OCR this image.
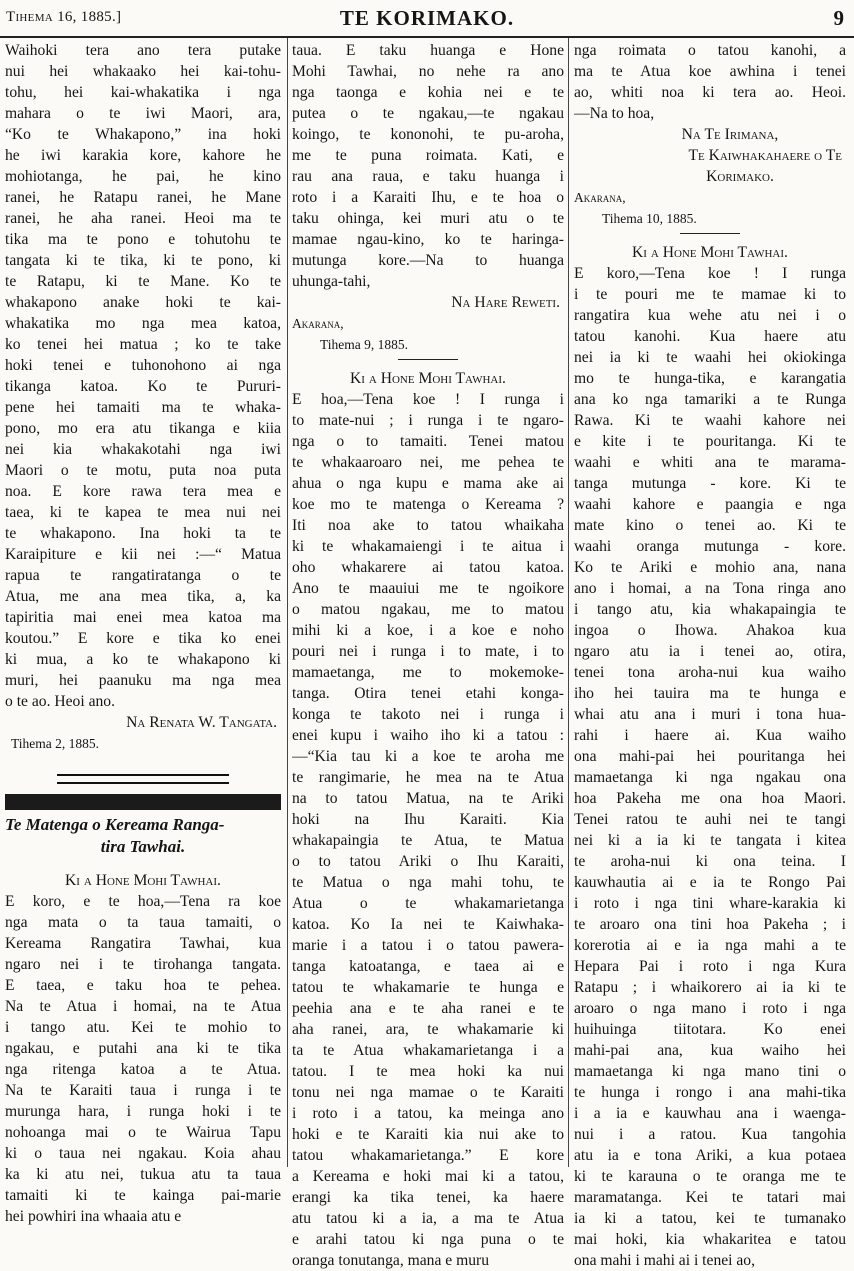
Tihema 16, 1885.]	TE KORIMAKO.	9
Waihoki tera ano tera putake
nui hei whakaako hei kai-tohu-
tohu, hei kai-whakatika i nga
mahara o te iwi Maori, ara,
“Ko te Whakapono,” ina hoki
he iwi karakia kore, kahore he
mohiotanga, he pai, he kino
ranei, he Ratapu ranei, he Mane
ranei, he aha ranei. Heoi ma te
tika ma te pono e tohutohu te
tangata ki te tika, ki te pono, ki
te Ratapu, ki te Mane. Ko te
whakapono anake hoki te kai-
whakatika mo nga mea katoa,
ko tenei hei matua ; ko te take
hoki tenei e tuhonohono ai nga
tikanga katoa. Ko te Pururi-
pene hei tamaiti ma te whaka-
pono, mo era atu tikanga e kiia
nei kia whakakotahi nga iwi
Maori o te motu, puta noa puta
noa. E kore rawa tera mea e
taea, ki te kapea te mea nui nei
te whakapono. Ina hoki ta te
Karaipiture e kii nei :—“ Matua
rapua te rangatiratanga o te
Atua, me ana mea tika, a, ka
tapiritia mai enei mea katoa ma
koutou.” E kore e tika ko enei
ki mua, a ko te whakapono ki
muri, hei paanuku ma nga mea
o te ao. Heoi ano.
Na Renata W. Tangata.
Tihema 2, 1885.
Te Matenga o Kereama Ranga-
tira Tawhai.
Ki a Hone Mohi Tawhai.
E koro, e te hoa,—Tena ra koe
nga mata o ta taua tamaiti, o
Kereama Rangatira Tawhai, kua
ngaro nei i te tirohanga tangata.
E taea, e taku hoa te pehea.
Na te Atua i homai, na te Atua
i tango atu. Kei te mohio to
ngakau, e putahi ana ki te tika
nga ritenga katoa a te Atua.
Na te Karaiti taua i runga i te
murunga hara, i runga hoki i te
nohoanga mai o te Wairua Tapu
ki o taua nei ngakau. Koia ahau
ka ki atu nei, tukua atu ta taua
tamaiti ki te kainga pai-marie
hei powhiri ina whaaia atu e
taua. E taku huanga e Hone
Mohi Tawhai, no nehe ra ano
nga taonga e kohia nei e te
putea o te ngakau,—te ngakau
koingo, te kononohi, te pu-aroha,
me te puna roimata. Kati, e
rau ana raua, e taku huanga i
roto i a Karaiti Ihu, e te hoa o
taku ohinga, kei muri atu o te
mamae ngau-kino, ko te haringa-
mutunga kore.—Na to huanga
uhunga-tahi,
Na Hare Reweti.
Akarana,
Tihema 9, 1885.
Ki a Hone Mohi Tawhai.
E hoa,—Tena koe ! I runga i
to mate-nui ; i runga i te ngaro-
nga o to tamaiti. Tenei matou
te whakaaroaro nei, me pehea te
ahua o nga kupu e mama ake ai
koe mo te matenga o Kereama ?
Iti noa ake to tatou whaikaha
ki te whakamaiengi i te aitua i
oho whakarere ai tatou katoa.
Ano te maauiui me te ngoikore
o matou ngakau, me to matou
mihi ki a koe, i a koe e noho
pouri nei i runga i to mate, i to
mamaetanga, me to mokemoke-
tanga. Otira tenei etahi konga-
konga te takoto nei i runga i
enei kupu i waiho iho ki a tatou :
—“Kia tau ki a koe te aroha me
te rangimarie, he mea na te Atua
na to tatou Matua, na te Ariki
hoki na Ihu Karaiti. Kia
whakapaingia te Atua, te Matua
o to tatou Ariki o Ihu Karaiti,
te Matua o nga mahi tohu, te
Atua o te whakamarietanga
katoa. Ko Ia nei te Kaiwhaka-
marie i a tatou i o tatou pawera-
tanga katoatanga, e taea ai e
tatou te whakamarie te hunga e
peehia ana e te aha ranei e te
aha ranei, ara, te whakamarie ki
ta te Atua whakamarietanga i a
tatou. I te mea hoki ka nui
tonu nei nga mamae o te Karaiti
i roto i a tatou, ka meinga ano
hoki e te Karaiti kia nui ake to
tatou whakamarietanga.” E kore
a Kereama e hoki mai ki a tatou,
erangi ka tika tenei, ka haere
atu tatou ki a ia, a ma te Atua
e arahi tatou ki nga puna o te
oranga tonutanga, mana e muru
nga roimata o tatou kanohi, a
ma te Atua koe awhina i tenei
ao, whiti noa ki tera ao. Heoi.
—Na to hoa,
Na Te Irimana,
Te Kaiwhakahaere o Te
Korimako.
Akarana,
Tihema 10, 1885.
Ki a Hone Mohi Tawhai.
E koro,—Tena koe ! I runga
i te pouri me te mamae ki to
rangatira kua wehe atu nei i o
tatou kanohi. Kua haere atu
nei ia ki te waahi hei okiokinga
mo te hunga-tika, e karangatia
ana ko nga tamariki a te Runga
Rawa. Ki te waahi kahore nei
e kite i te pouritanga. Ki te
waahi e whiti ana te marama-
tanga mutunga - kore. Ki te
waahi kahore e paangia e nga
mate kino o tenei ao. Ki te
waahi oranga mutunga - kore.
Ko te Ariki e mohio ana, nana
ano i homai, a na Tona ringa ano
i tango atu, kia whakapaingia te
ingoa o Ihowa. Ahakoa kua
ngaro atu ia i tenei ao, otira,
tenei tona aroha-nui kua waiho
iho hei tauira ma te hunga e
whai atu ana i muri i tona hua-
rahi i haere ai. Kua waiho
ona mahi-pai hei pouritanga hei
mamaetanga ki nga ngakau ona
hoa Pakeha me ona hoa Maori.
Tenei ratou te auhi nei te tangi
nei ki a ia ki te tangata i kitea
te aroha-nui ki ona teina. I
kauwhautia ai e ia te Rongo Pai
i roto i nga tini whare-karakia ki
te aroaro ona tini hoa Pakeha ; i
korerotia ai e ia nga mahi a te
Hepara Pai i roto i nga Kura
Ratapu ; i whaikorero ai ia ki te
aroaro o nga mano i roto i nga
huihuinga tiitotara. Ko enei
mahi-pai ana, kua waiho hei
mamaetanga ki nga mano tini o
te hunga i rongo i ana mahi-tika
i a ia e kauwhau ana i waenga-
nui i a ratou. Kua tangohia
atu ia e tona Ariki, a kua potaea
ki te karauna o te oranga me te
maramatanga. Kei te tatari mai
ia ki a tatou, kei te tumanako
mai hoki, kia whakaritea e tatou
ona mahi i mahi ai i tenei ao,
